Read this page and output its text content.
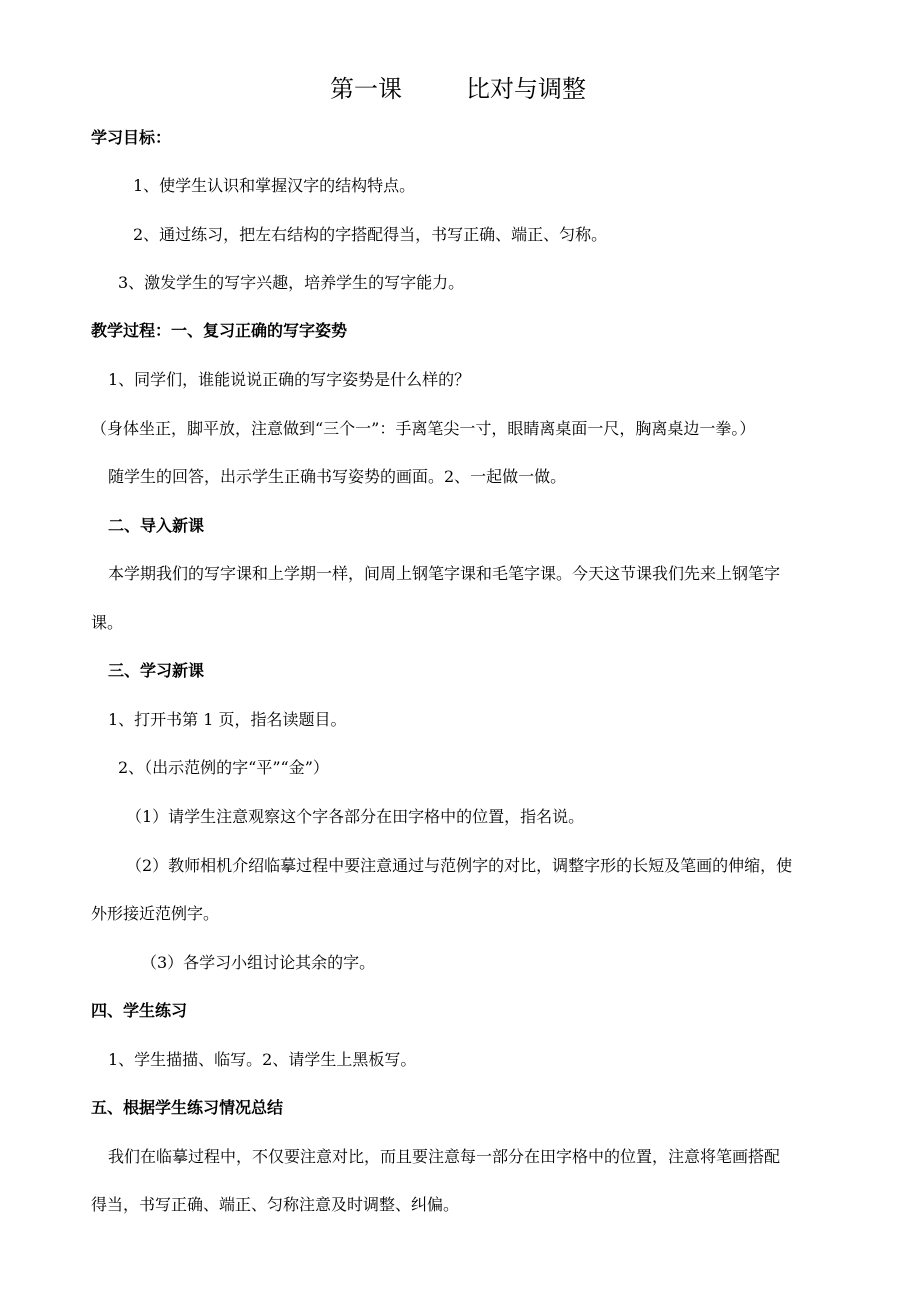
第一课	比对与调整
学习目标：
1、使学生认识和掌握汉字的结构特点。
2、通过练习，把左右结构的字搭配得当，书写正确、端正、匀称。
3、激发学生的写字兴趣，培养学生的写字能力。
教学过程：一、复习正确的写字姿势
1、同学们，谁能说说正确的写字姿势是什么样的？
（身体坐正，脚平放，注意做到“三个一”：手离笔尖一寸，眼睛离桌面一尺，胸离桌边一拳。）
随学生的回答，出示学生正确书写姿势的画面。2、一起做一做。
二、导入新课
本学期我们的写字课和上学期一样，间周上钢笔字课和毛笔字课。今天这节课我们先来上钢笔字
课。
三、学习新课
1、打开书第 1 页，指名读题目。
2、（出示范例的字“平”“金”）
（1）请学生注意观察这个字各部分在田字格中的位置，指名说。
（2）教师相机介绍临摹过程中要注意通过与范例字的对比，调整字形的长短及笔画的伸缩，使
外形接近范例字。
（3）各学习小组讨论其余的字。
四、学生练习
1、学生描描、临写。2、请学生上黑板写。
五、根据学生练习情况总结
我们在临摹过程中，不仅要注意对比，而且要注意每一部分在田字格中的位置，注意将笔画搭配
得当，书写正确、端正、匀称注意及时调整、纠偏。
